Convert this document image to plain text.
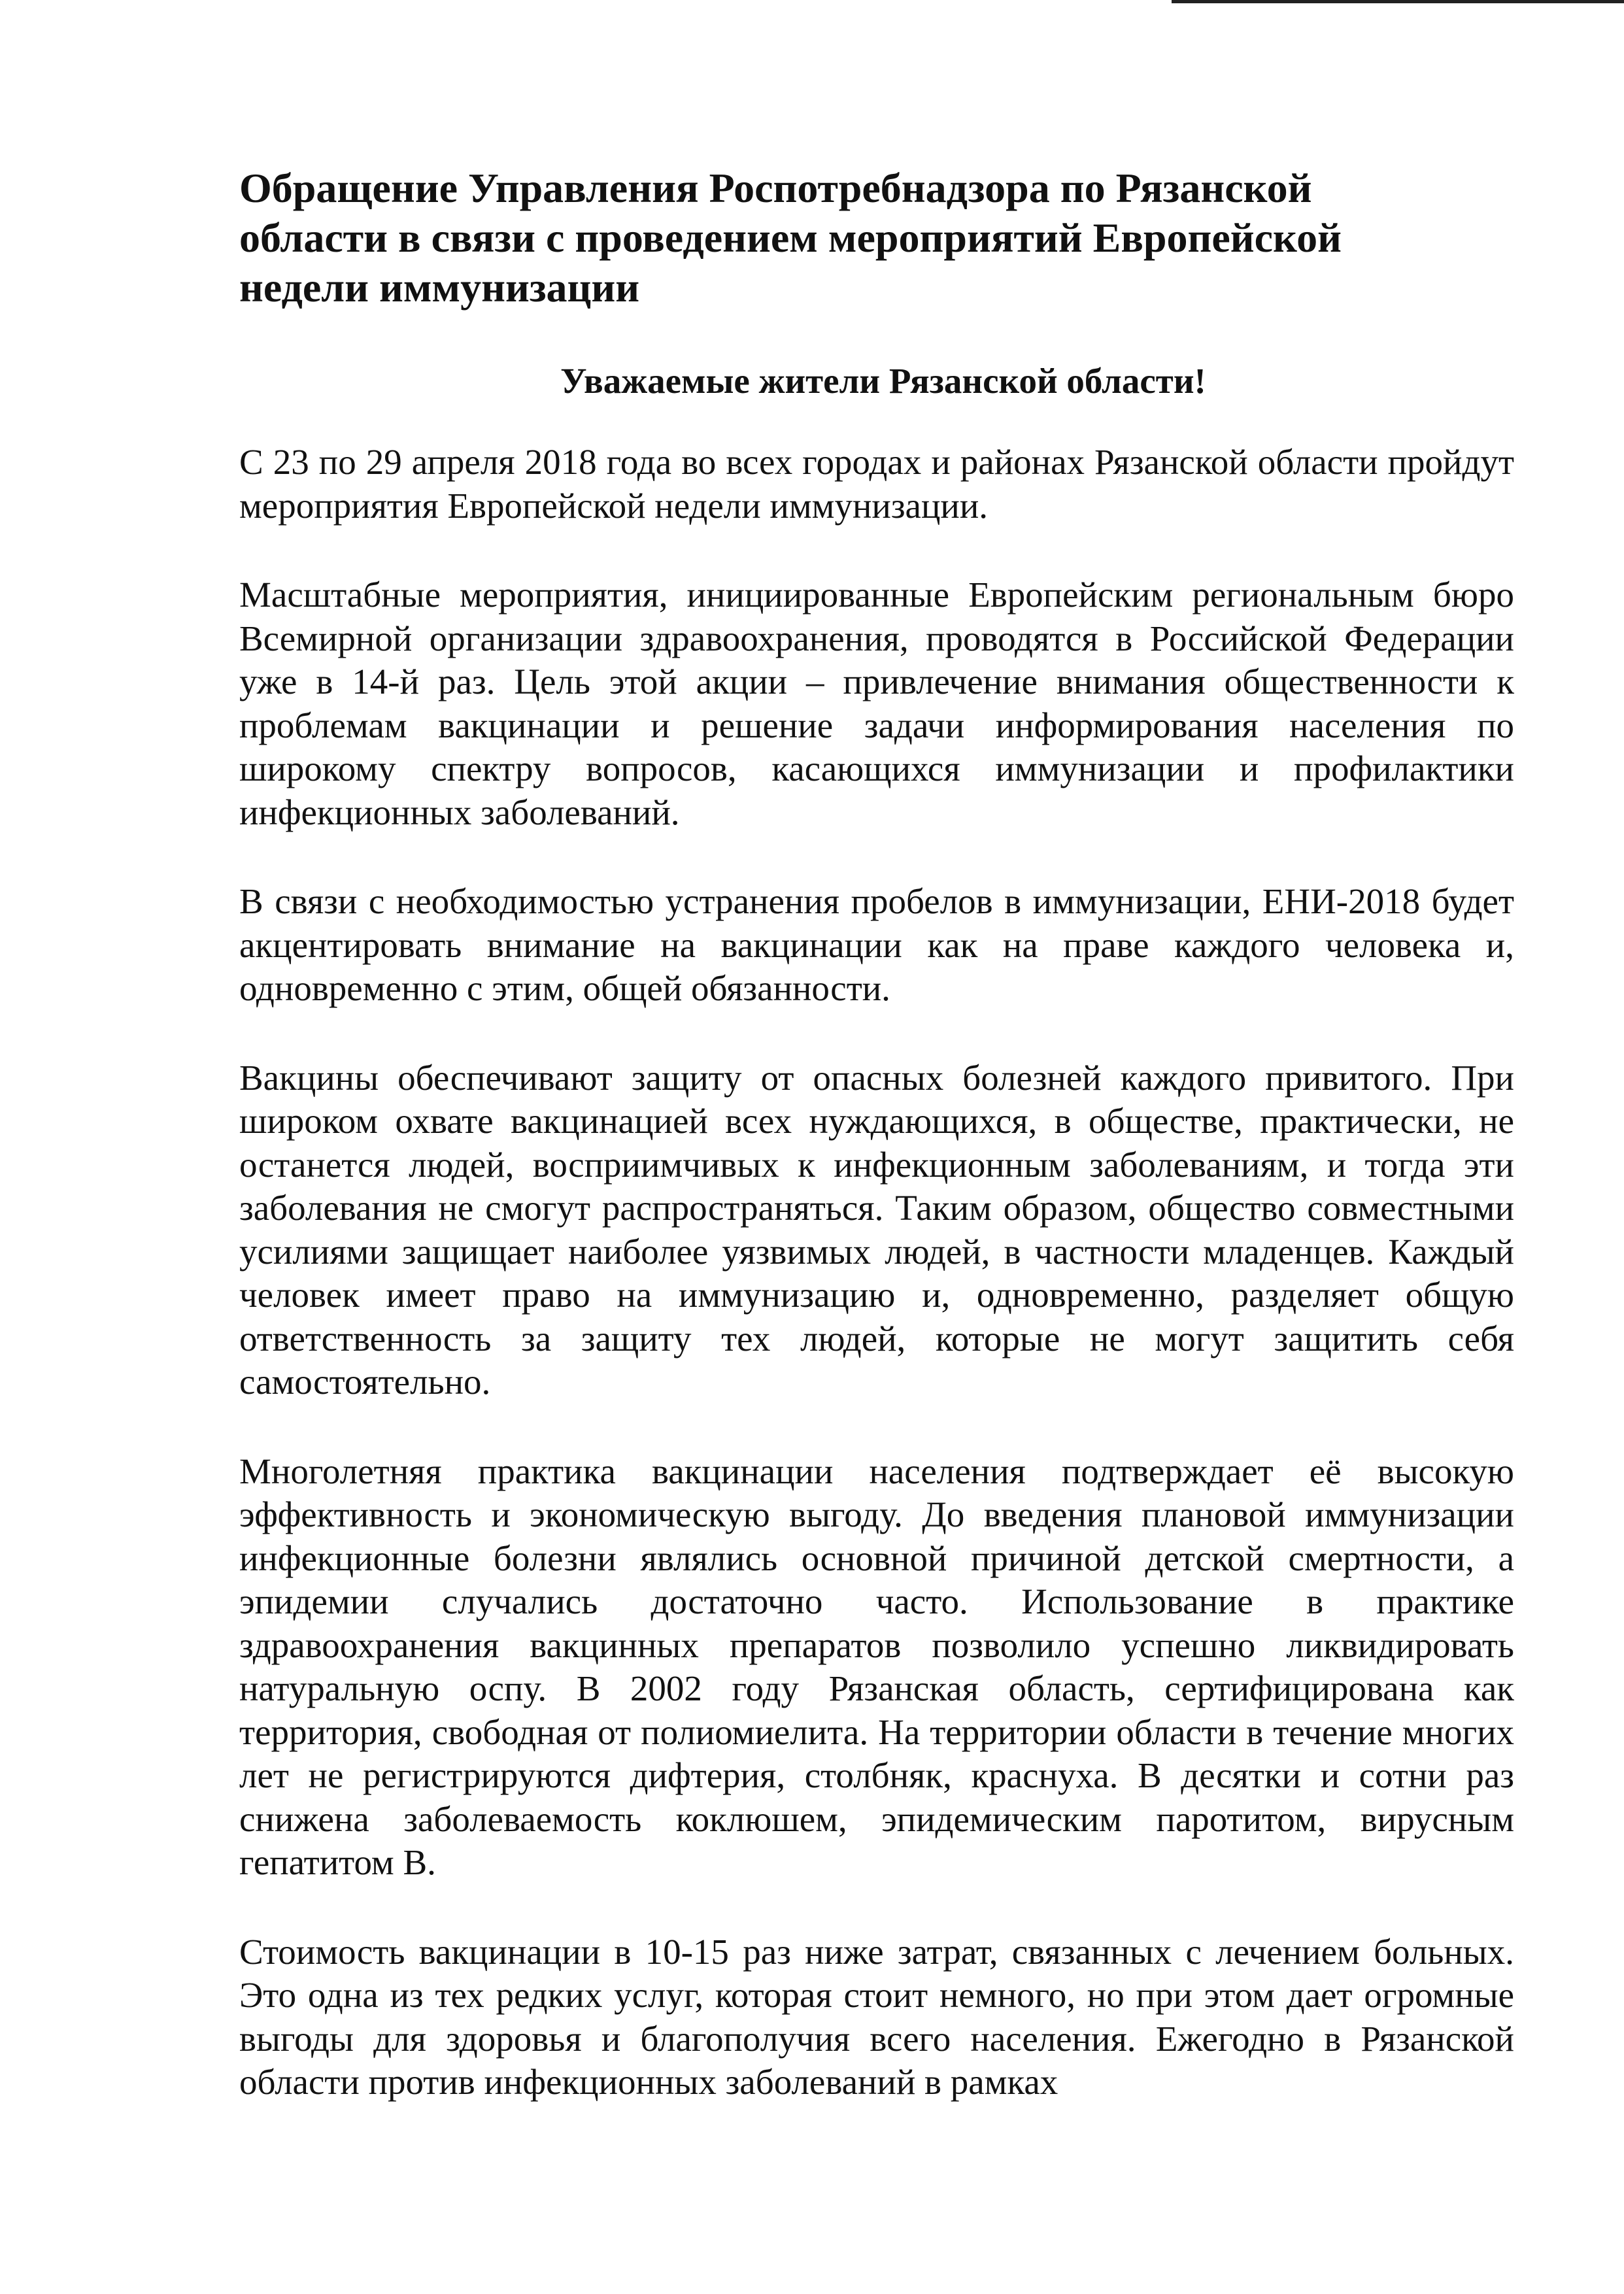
Обращение Управления Роспотребнадзора по Рязанской области в связи с проведением мероприятий Европейской недели иммунизации

Уважаемые жители Рязанской области!

С 23 по 29 апреля 2018 года во всех городах и районах Рязанской области пройдут мероприятия Европейской недели иммунизации.

Масштабные мероприятия, инициированные Европейским региональным бюро Всемирной организации здравоохранения, проводятся в Российской Федерации уже в 14-й раз. Цель этой акции – привлечение внимания общественности к проблемам вакцинации и решение задачи информирования населения по широкому спектру вопросов, касающихся иммунизации и профилактики инфекционных заболеваний.

В связи с необходимостью устранения пробелов в иммунизации, ЕНИ-2018 будет акцентировать внимание на вакцинации как на праве каждого человека и, одновременно с этим, общей обязанности.

Вакцины обеспечивают защиту от опасных болезней каждого привитого. При широком охвате вакцинацией всех нуждающихся, в обществе, практически, не останется людей, восприимчивых к инфекционным заболеваниям, и тогда эти заболевания не смогут распространяться. Таким образом, общество совместными усилиями защищает наиболее уязвимых людей, в частности младенцев. Каждый человек имеет право на иммунизацию и, одновременно, разделяет общую ответственность за защиту тех людей, которые не могут защитить себя самостоятельно.

Многолетняя практика вакцинации населения подтверждает её высокую эффективность и экономическую выгоду. До введения плановой иммунизации инфекционные болезни являлись основной причиной детской смертности, а эпидемии случались достаточно часто. Использование в практике здравоохранения вакцинных препаратов позволило успешно ликвидировать натуральную оспу. В 2002 году Рязанская область, сертифицирована как территория, свободная от полиомиелита. На территории области в течение многих лет не регистрируются дифтерия, столбняк, краснуха. В десятки и сотни раз снижена заболеваемость коклюшем, эпидемическим паротитом, вирусным гепатитом В.

Стоимость вакцинации в 10-15 раз ниже затрат, связанных с лечением больных. Это одна из тех редких услуг, которая стоит немного, но при этом дает огромные выгоды для здоровья и благополучия всего населения. Ежегодно в Рязанской области против инфекционных заболеваний в рамках
